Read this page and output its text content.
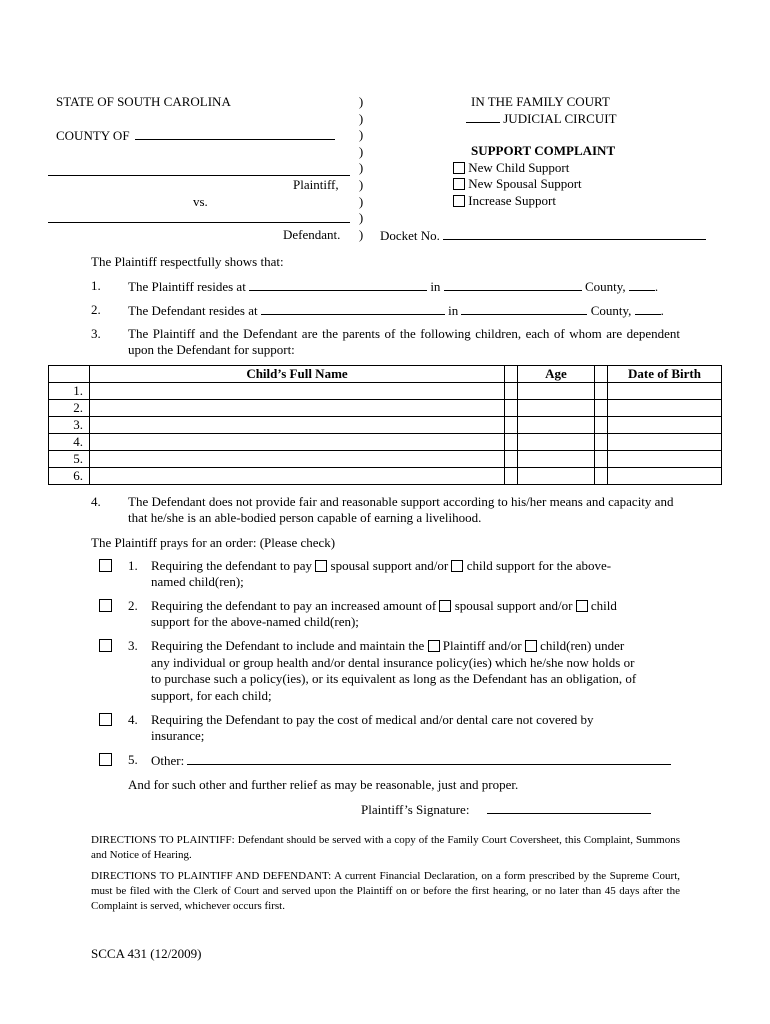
STATE OF SOUTH CAROLINA
COUNTY OF
Plaintiff,
vs.
Defendant.
)
)
)
)
)
)
)
)
)
IN THE FAMILY COURT
JUDICIAL CIRCUIT
SUPPORT COMPLAINT
New Child Support
New Spousal Support
Increase Support
Docket No.
The Plaintiff respectfully shows that:
1. The Plaintiff resides at	in	County, .
2. The Defendant resides at	in	County, .
3. The Plaintiff and the Defendant are the parents of the following children, each of whom are dependent upon the Defendant for support:
	Child’s Full Name		Age		Date of Birth
1.					
2.					
3.					
4.					
5.					
6.					
4. The Defendant does not provide fair and reasonable support according to his/her means and capacity and that he/she is an able-bodied person capable of earning a livelihood.
The Plaintiff prays for an order: (Please check)
1. Requiring the defendant to pay spousal support and/or child support for the above-
named child(ren);
2. Requiring the defendant to pay an increased amount of spousal support and/or child
support for the above-named child(ren);
3. Requiring the Defendant to include and maintain the Plaintiff and/or child(ren) under
any individual or group health and/or dental insurance policy(ies) which he/she now holds or
to purchase such a policy(ies), or its equivalent as long as the Defendant has an obligation, of
support, for each child;
4. Requiring the Defendant to pay the cost of medical and/or dental care not covered by
insurance;
5. Other:
And for such other and further relief as may be reasonable, just and proper.
Plaintiff’s Signature:
DIRECTIONS TO PLAINTIFF: Defendant should be served with a copy of the Family Court Coversheet, this Complaint, Summons and Notice of Hearing.
DIRECTIONS TO PLAINTIFF AND DEFENDANT: A current Financial Declaration, on a form prescribed by the Supreme Court, must be filed with the Clerk of Court and served upon the Plaintiff on or before the first hearing, or no later than 45 days after the Complaint is served, whichever occurs first.
SCCA 431 (12/2009)
